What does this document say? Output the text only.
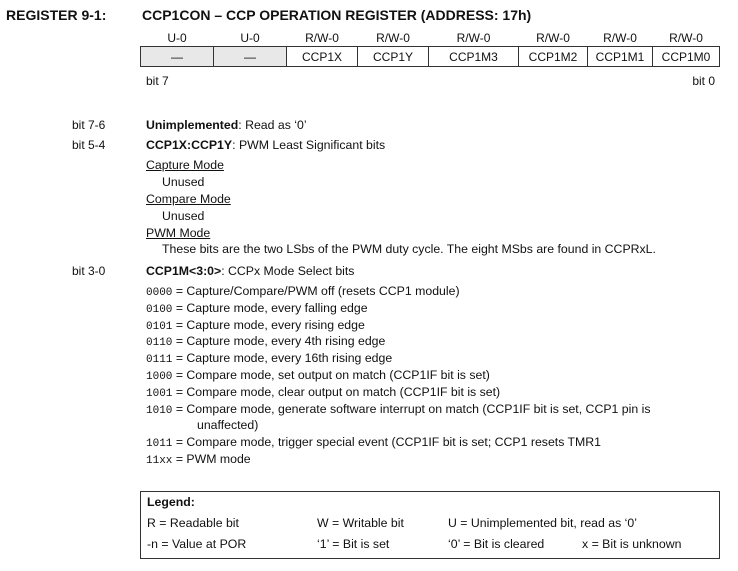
REGISTER 9-1:	CCP1CON – CCP OPERATION REGISTER (ADDRESS: 17h)
U-0	U-0	R/W-0	R/W-0	R/W-0	R/W-0	R/W-0	R/W-0
—	—	CCP1X	CCP1Y	CCP1M3	CCP1M2	CCP1M1	CCP1M0
bit 7	bit 0
bit 7-6	Unimplemented: Read as ‘0’
bit 5-4	CCP1X:CCP1Y: PWM Least Significant bits
Capture Mode
Unused
Compare Mode
Unused
PWM Mode
These bits are the two LSbs of the PWM duty cycle. The eight MSbs are found in CCPRxL.
bit 3-0	CCP1M<3:0>: CCPx Mode Select bits
0000 = Capture/Compare/PWM off (resets CCP1 module)
0100 = Capture mode, every falling edge
0101 = Capture mode, every rising edge
0110 = Capture mode, every 4th rising edge
0111 = Capture mode, every 16th rising edge
1000 = Compare mode, set output on match (CCP1IF bit is set)
1001 = Compare mode, clear output on match (CCP1IF bit is set)
1010 = Compare mode, generate software interrupt on match (CCP1IF bit is set, CCP1 pin is
unaffected)
1011 = Compare mode, trigger special event (CCP1IF bit is set; CCP1 resets TMR1
11xx = PWM mode
Legend:
R = Readable bit	W = Writable bit	U = Unimplemented bit, read as ‘0’
-n = Value at POR	‘1’ = Bit is set	‘0’ = Bit is cleared	x = Bit is unknown
